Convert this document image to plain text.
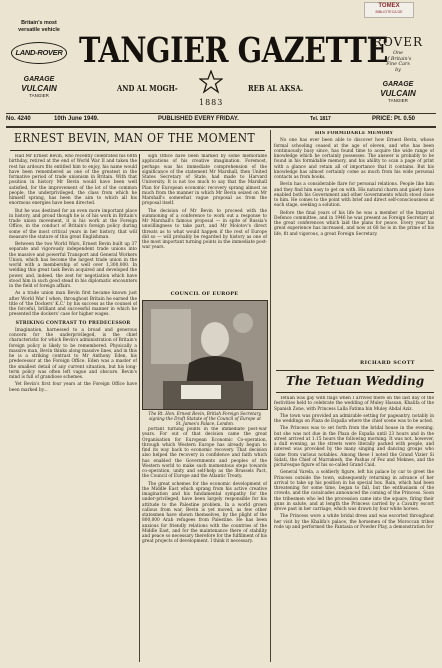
TOMEX
BIBLIOTECA DE
Britain's most
versatile vehicle
LAND-ROVER
GARAGE
VULCAIN
TANGIER
TANGIER GAZETTE
AND AL MOGH-	REB AL AKSA.
1883
ROVER
One
of Britain's
Fine Cars
by
GARAGE
VULCAIN
TANGIER
No. 4240	10th June 1949.	PUBLISHED EVERY FRIDAY.	Tel. 1817	PRICE: Pt. 0.50
ERNEST BEVIN, MAN OF THE MOMENT

Had Mr Ernest Bevin, who recently celebrated his 68th birthday, retired at the end of World War II and taken the rest his ardours fits entitled him to enjoy, his name would have been remembered as one of the greatest in the formative period of trade unionism in Britain. With that position in history Mr Bevin would have been well satisfied, for the improvement of the lot of the common people, the underprivileged, the class from which he himself sprang, has been the aim to which all his enormous energies have been directed.

But he was destined for an even more important place in history, and proud though he is of his work in Britain's trade union movement, it is his work at the Foreign Office, in the conduct of Britain's foreign policy during some of the most critical years in her history, that will measure the stature of this great Englishman.

Between the two World Wars, Ernest Bevin built up 37 separate and vigorously independent trade unions into the massive and powerful Transport and General Workers Union, which has become the largest trade union in the world with a membership of well over 1,300,000. In welding this great task Bevin acquired and developed the power, and, indeed, the zest for negotiation which have stood him in such good stead in his diplomatic encounters in the field of foreign affairs.

As a trade union man Bevin first became known just after World War I when, throughout Britain he earned the title of 'the Dockers' K.C.' by his success as the counsel of the forceful, brilliant and successful manner in which he presented the dockers' case for higher wages.

STRIKING CONTRAST TO PREDECESSOR

Imagination, harnessed to a broad and generous concern for the underprivileged, is the chief characteristic for which Bevin's administration of Britain's foreign policy is likely to be remembered. Physically a massive man, Bevin thinks along massive lines, and in this he is a striking contrast to Mr Anthony Eden, his predecessor at the Foreign Office. Eden was a master of the smallest detail of any current situation, but his long-term policy was often left vague and obscure. Bevin's mind is full of grandiose schemes.

Yet Bevin's first four years at the Foreign Office have been marked by...

sign Office have been marked by some memorable applications of his creative imagination. Foremost, perhaps was his immediate comprehension of the significance of the statement Mr Marshall, then United States Secretary of State, had made to Harvard University. It is not too much to say that the Marshall Plan for European economic recovery sprang almost as much from the manner in which Mr Bevin seized on Mr Marshall's somewhat vague proposal as from the proposal itself.

The decision of Mr Bevin to proceed with the summoning of a conference to work out a response to Mr Marshall's famous proposal — in spite of Russia's unwillingness to take part, and Mr Molotov's direct threats as to what would happen if the rest of Europe did so — will probably be regarded by history as one of the most important turning points in the immediate post-war years.

COUNCIL OF EUROPE
The Rt. Hon. Ernest Bevin, British Foreign Secretary, signing the Draft Statute of the Council of Europe at St. James's Palace, London.

portant turning points in the immediate post-war years. For out of that decision came the great Organisation for European Economic Co-operation, through which Western Europe has already begun to find its way back to economic recovery. That decision also helped the recovery in confidence and faith which has enabled the Governments and peoples of the Western world to make such momentous steps towards co-operation, unity and self-help as the Brussels Pact, the Council of Europe and the Atlantic Treaty.

The great schemes for the economic development of the Middle East which sprang from his active creative imagination and his fundamental sympathy for the under-privileged, have been largely responsible for his attitude to the Palestine problem. In a world grown callous from war, Bevin is yet moved, as few other statesmen have shown themselves, by the plight of the 800,000 Arab refugees from Palestine. He has been anxious for friendly relations with the countries of the Middle East, and for the maintenance there of stability and peace so necessary therefore for the fulfilment of his great projects of development. I think it necessary.

HIS FORMIDABLE MEMORY

No one has ever been able to discover how Ernest Bevin, whose formal schooling ceased at the age of eleven, and who has been continuously busy since, has found time to acquire the wide range of knowledge which he certainly possesses. The answer is probably to be found in his formidable memory, and his ability to scan a page of print with a glance and retain all of importance that it contains. But his knowledge has almost certainly come as much from his wide personal contacts as from books.

Bevin has a considerable flare for personal relations. People like him and they find him easy to get on with. His natural charm and gaiety have enabled both his Government and other Governments which stood close to him. He comes to the point with brief and direct self-consciousness at each stage, seeking a solution.

Before the final years of his life he was a member of the Imperial Defence committee, and in 1946 he was present as Foreign Secretary at the great conferences which laid the plans for peace. Every year his great experience has increased, and now at 68 he is in the prime of his life, fit and vigorous, a great Foreign Secretary.

RICHARD SCOTT
The Tetuan Wedding

Tetuan was gay with flags when I arrived there on the last day of the festivities held to celebrate the wedding of Muley Hassan, Khalifa of the Spanish Zone, with Princess Lalla Fatima bin Muley Abdal Aziz.

The town was provided an admirable setting for pageantry, notably in the weddings on Plaza de España where the chief scene was to be acted.

The Princess was to set forth from the bridal house in the evening, but she was not due in the Plaza de España until 23 hours and in the street arrived at 1.15 hours the following morning. It was not, however, a dull evening, as the streets were literally packed with people, and interest was provoked by the many singing and dancing groups who came from various notables. Among these I noted the Grand Vizier Si Sidati, the Chief of Marrakesh, the Pashas of Fez and Meknes, and the picturesque figure of his so-called Grand Caid.

General Varela, a soldierly figure, left his palace by car to greet the Princess outside the town, subsequently returning in advance of her arrival to take up his position in his special box. Rain, which had been threatening for some time, began to fall, but the enthusiasm of the crowds, and the cavalcades announced the coming of the Princess. Soon the tribesmen who led the procession came into the square, firing their guns in salute, and at length the Princess carried by a Cavalry escort drove past in her carriage, which was drawn by four white horses.

The Princess wore a white bridal dress and was escorted throughout her visit by the Khalifa's palace, the horsemen of the Moroccan tribes rode up and performed the Fantasia or Powder Play, a demonstration for
